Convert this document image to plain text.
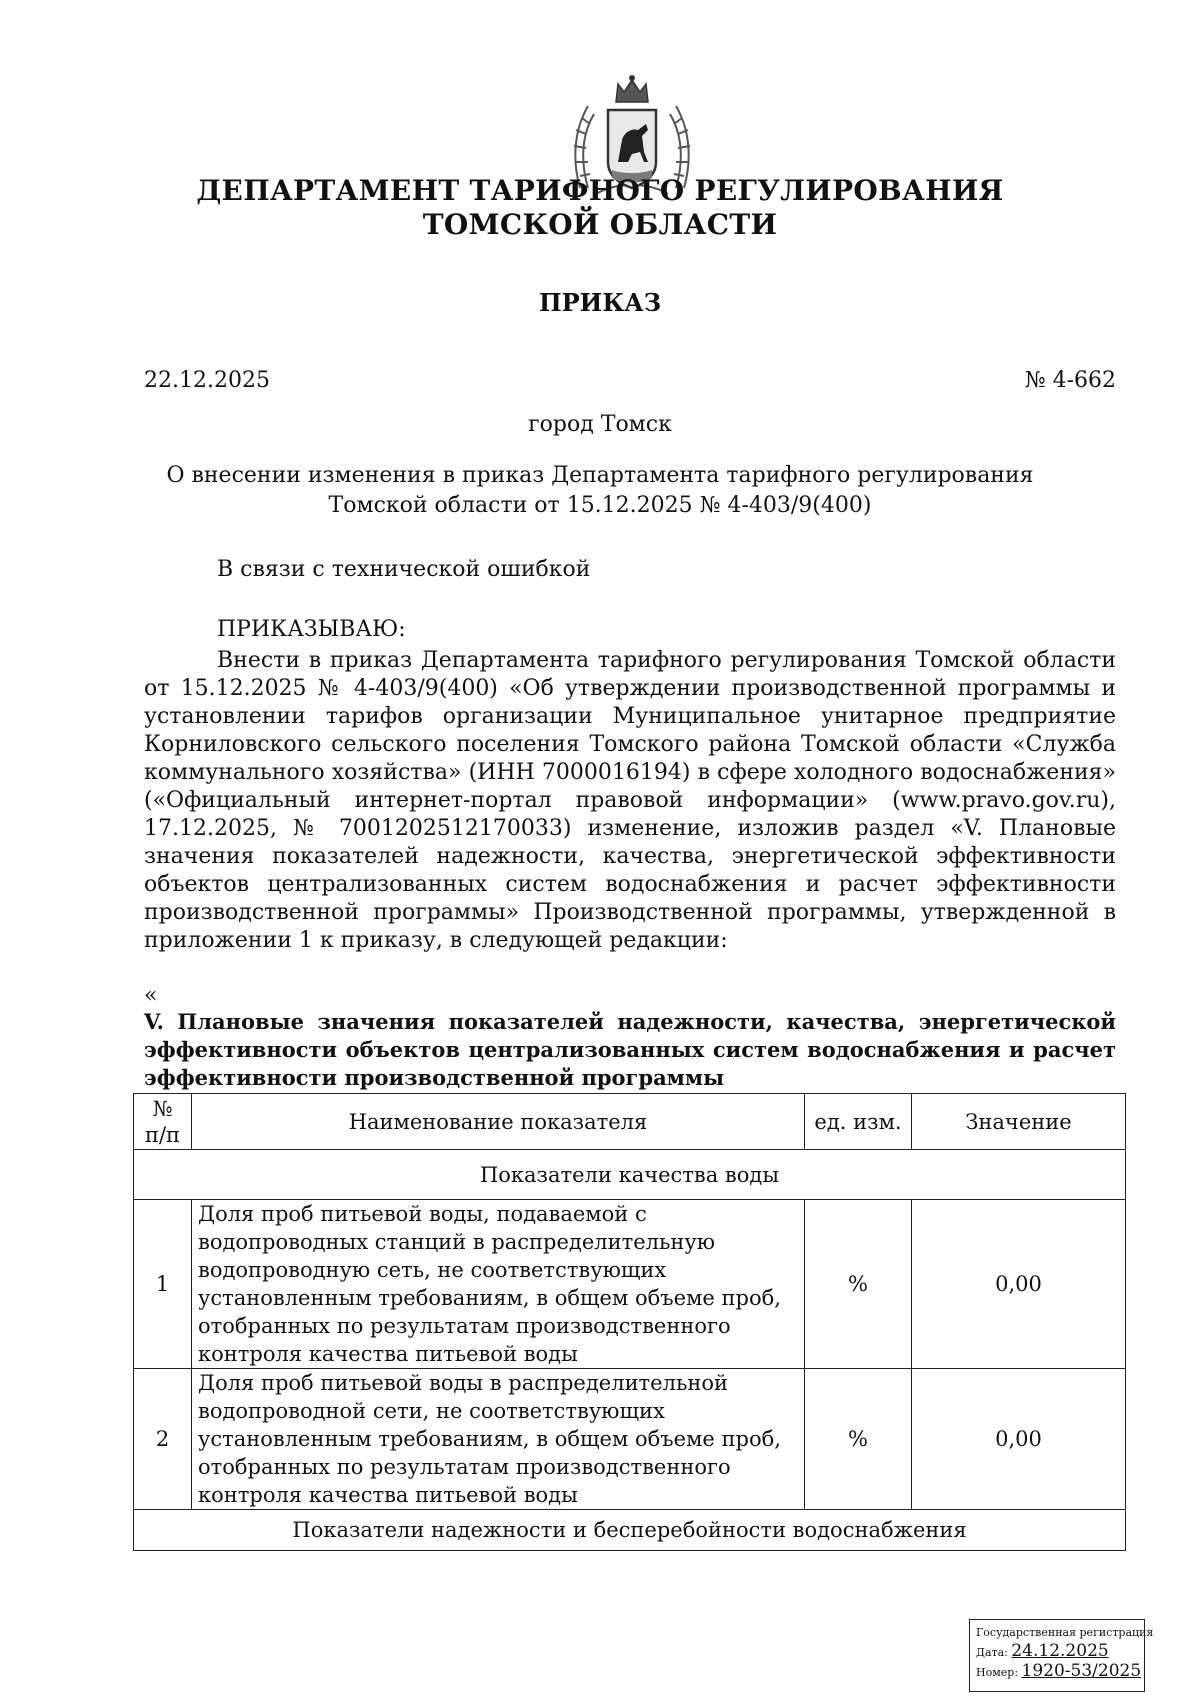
ДЕПАРТАМЕНТ ТАРИФНОГО РЕГУЛИРОВАНИЯ
ТОМСКОЙ ОБЛАСТИ
ПРИКАЗ
22.12.2025	№ 4-662
город Томск
О внесении изменения в приказ Департамента тарифного регулирования
Томской области от 15.12.2025 № 4-403/9(400)
В связи с технической ошибкой
ПРИКАЗЫВАЮ:

Внести в приказ Департамента тарифного регулирования Томской области от 15.12.2025 № 4-403/9(400) «Об утверждении производственной программы и установлении тарифов организации Муниципальное унитарное предприятие Корниловского сельского поселения Томского района Томской области «Служба коммунального хозяйства» (ИНН 7000016194) в сфере холодного водоснабжения» («Официальный интернет-портал правовой информации» (www.pravo.gov.ru), 17.12.2025, № 7001202512170033) изменение, изложив раздел «V. Плановые значения показателей надежности, качества, энергетической эффективности объектов централизованных систем водоснабжения и расчет эффективности производственной программы» Производственной программы, утвержденной в приложении 1 к приказу, в следующей редакции:

«
V. Плановые значения показателей надежности, качества, энергетической эффективности объектов централизованных систем водоснабжения и расчет эффективности производственной программы
№ п/п	Наименование показателя	ед. изм.	Значение
Показатели качества воды			
1	Доля проб питьевой воды, подаваемой с водопроводных станций в распределительную водопроводную сеть, не соответствующих установленным требованиям, в общем объеме проб, отобранных по результатам производственного контроля качества питьевой воды	%	0,00
2	Доля проб питьевой воды в распределительной водопроводной сети, не соответствующих установленным требованиям, в общем объеме проб, отобранных по результатам производственного контроля качества питьевой воды	%	0,00
Показатели надежности и бесперебойности водоснабжения			
Государственная регистрация
Дата: 24.12.2025
Номер: 1920-53/2025
